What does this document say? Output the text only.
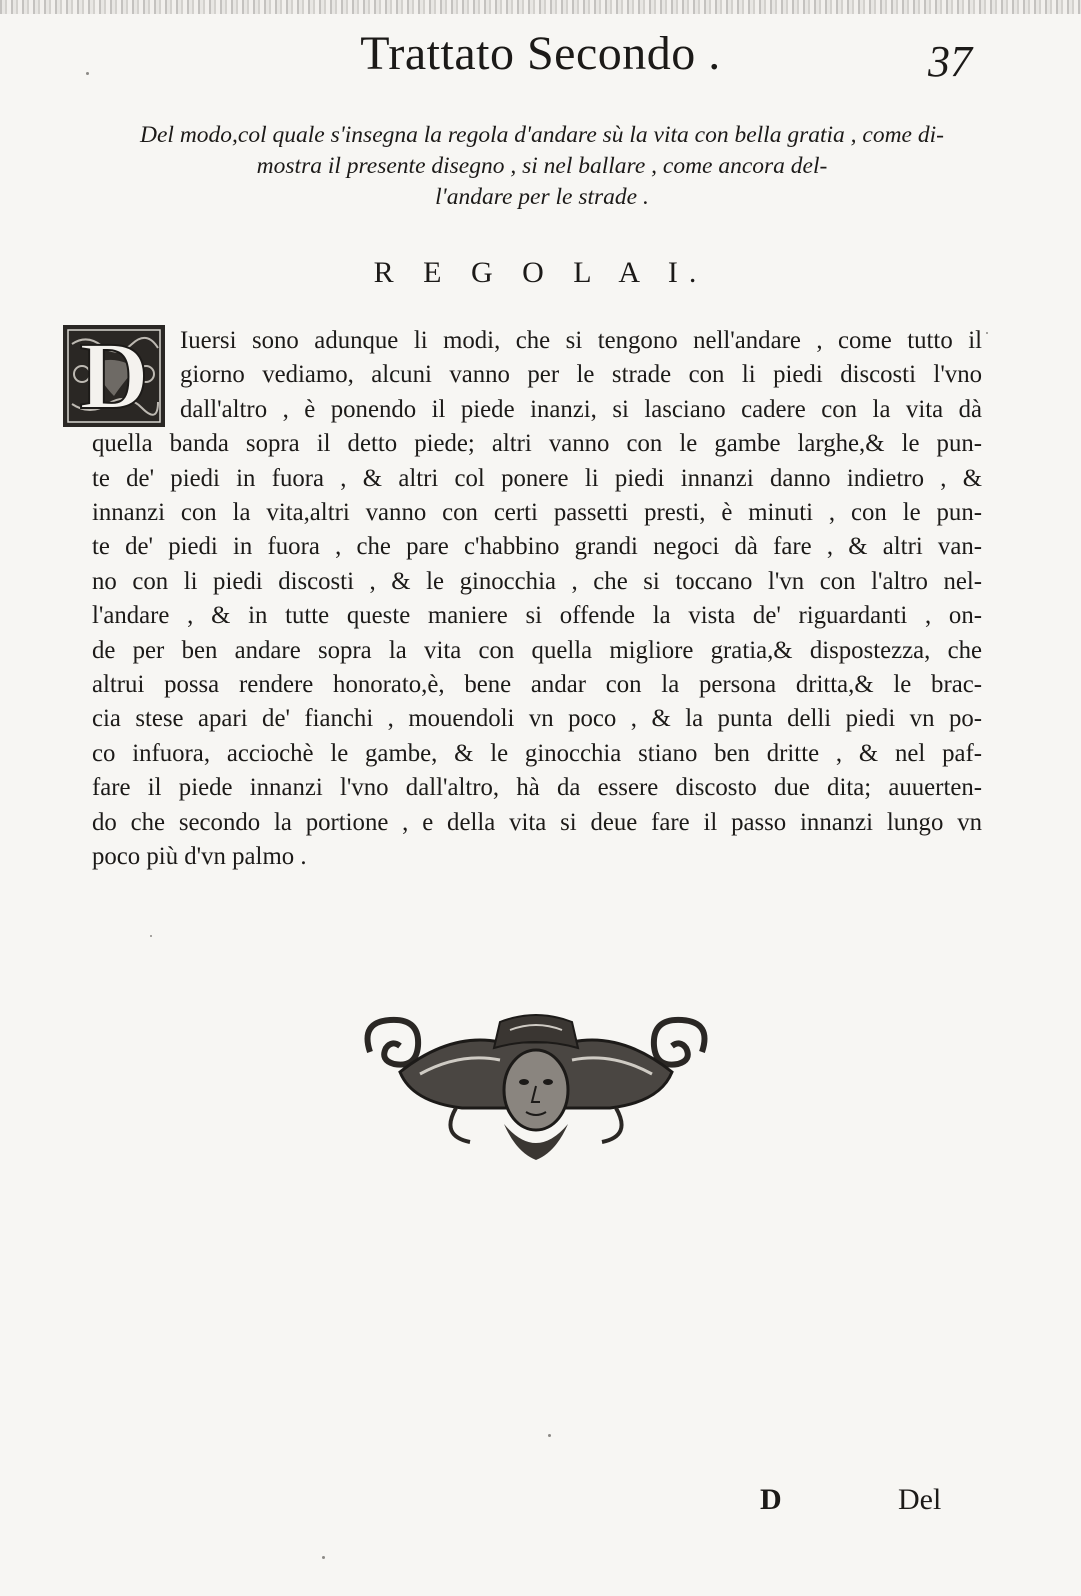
Trattato Secondo .	37
Del modo,col quale s'insegna la regola d'andare sù la vita con bella gratia , come di-
mostra il presente disegno , si nel ballare , come ancora del-
l'andare per le strade .
R E G O L A I.
D	Iuersi sono adunque li modi, che si tengono nell'andare , come tutto il
giorno vediamo, alcuni vanno per le strade con li piedi discosti l'vno
dall'altro , è ponendo il piede inanzi, si lasciano cadere con la vita dà
quella banda sopra il detto piede; altri vanno con le gambe larghe,& le pun-
te de' piedi in fuora , & altri col ponere li piedi innanzi danno indietro , &
innanzi con la vita,altri vanno con certi passetti presti, è minuti , con le pun-
te de' piedi in fuora , che pare c'habbino grandi negoci dà fare , & altri van-
no con li piedi discosti , & le ginocchia , che si toccano l'vn con l'altro nel-
l'andare , & in tutte queste maniere si offende la vista de' riguardanti , on-
de per ben andare sopra la vita con quella migliore gratia,& dispostezza, che
altrui possa rendere honorato,è, bene andar con la persona dritta,& le brac-
cia stese apari de' fianchi , mouendoli vn poco , & la punta delli piedi vn po-
co infuora, acciochè le gambe, & le ginocchia stiano ben dritte , & nel paf-
fare il piede innanzi l'vno dall'altro, hà da essere discosto due dita; auuerten-
do che secondo la portione , e della vita si deue fare il passo innanzi lungo vn
poco più d'vn palmo .
D	Del
